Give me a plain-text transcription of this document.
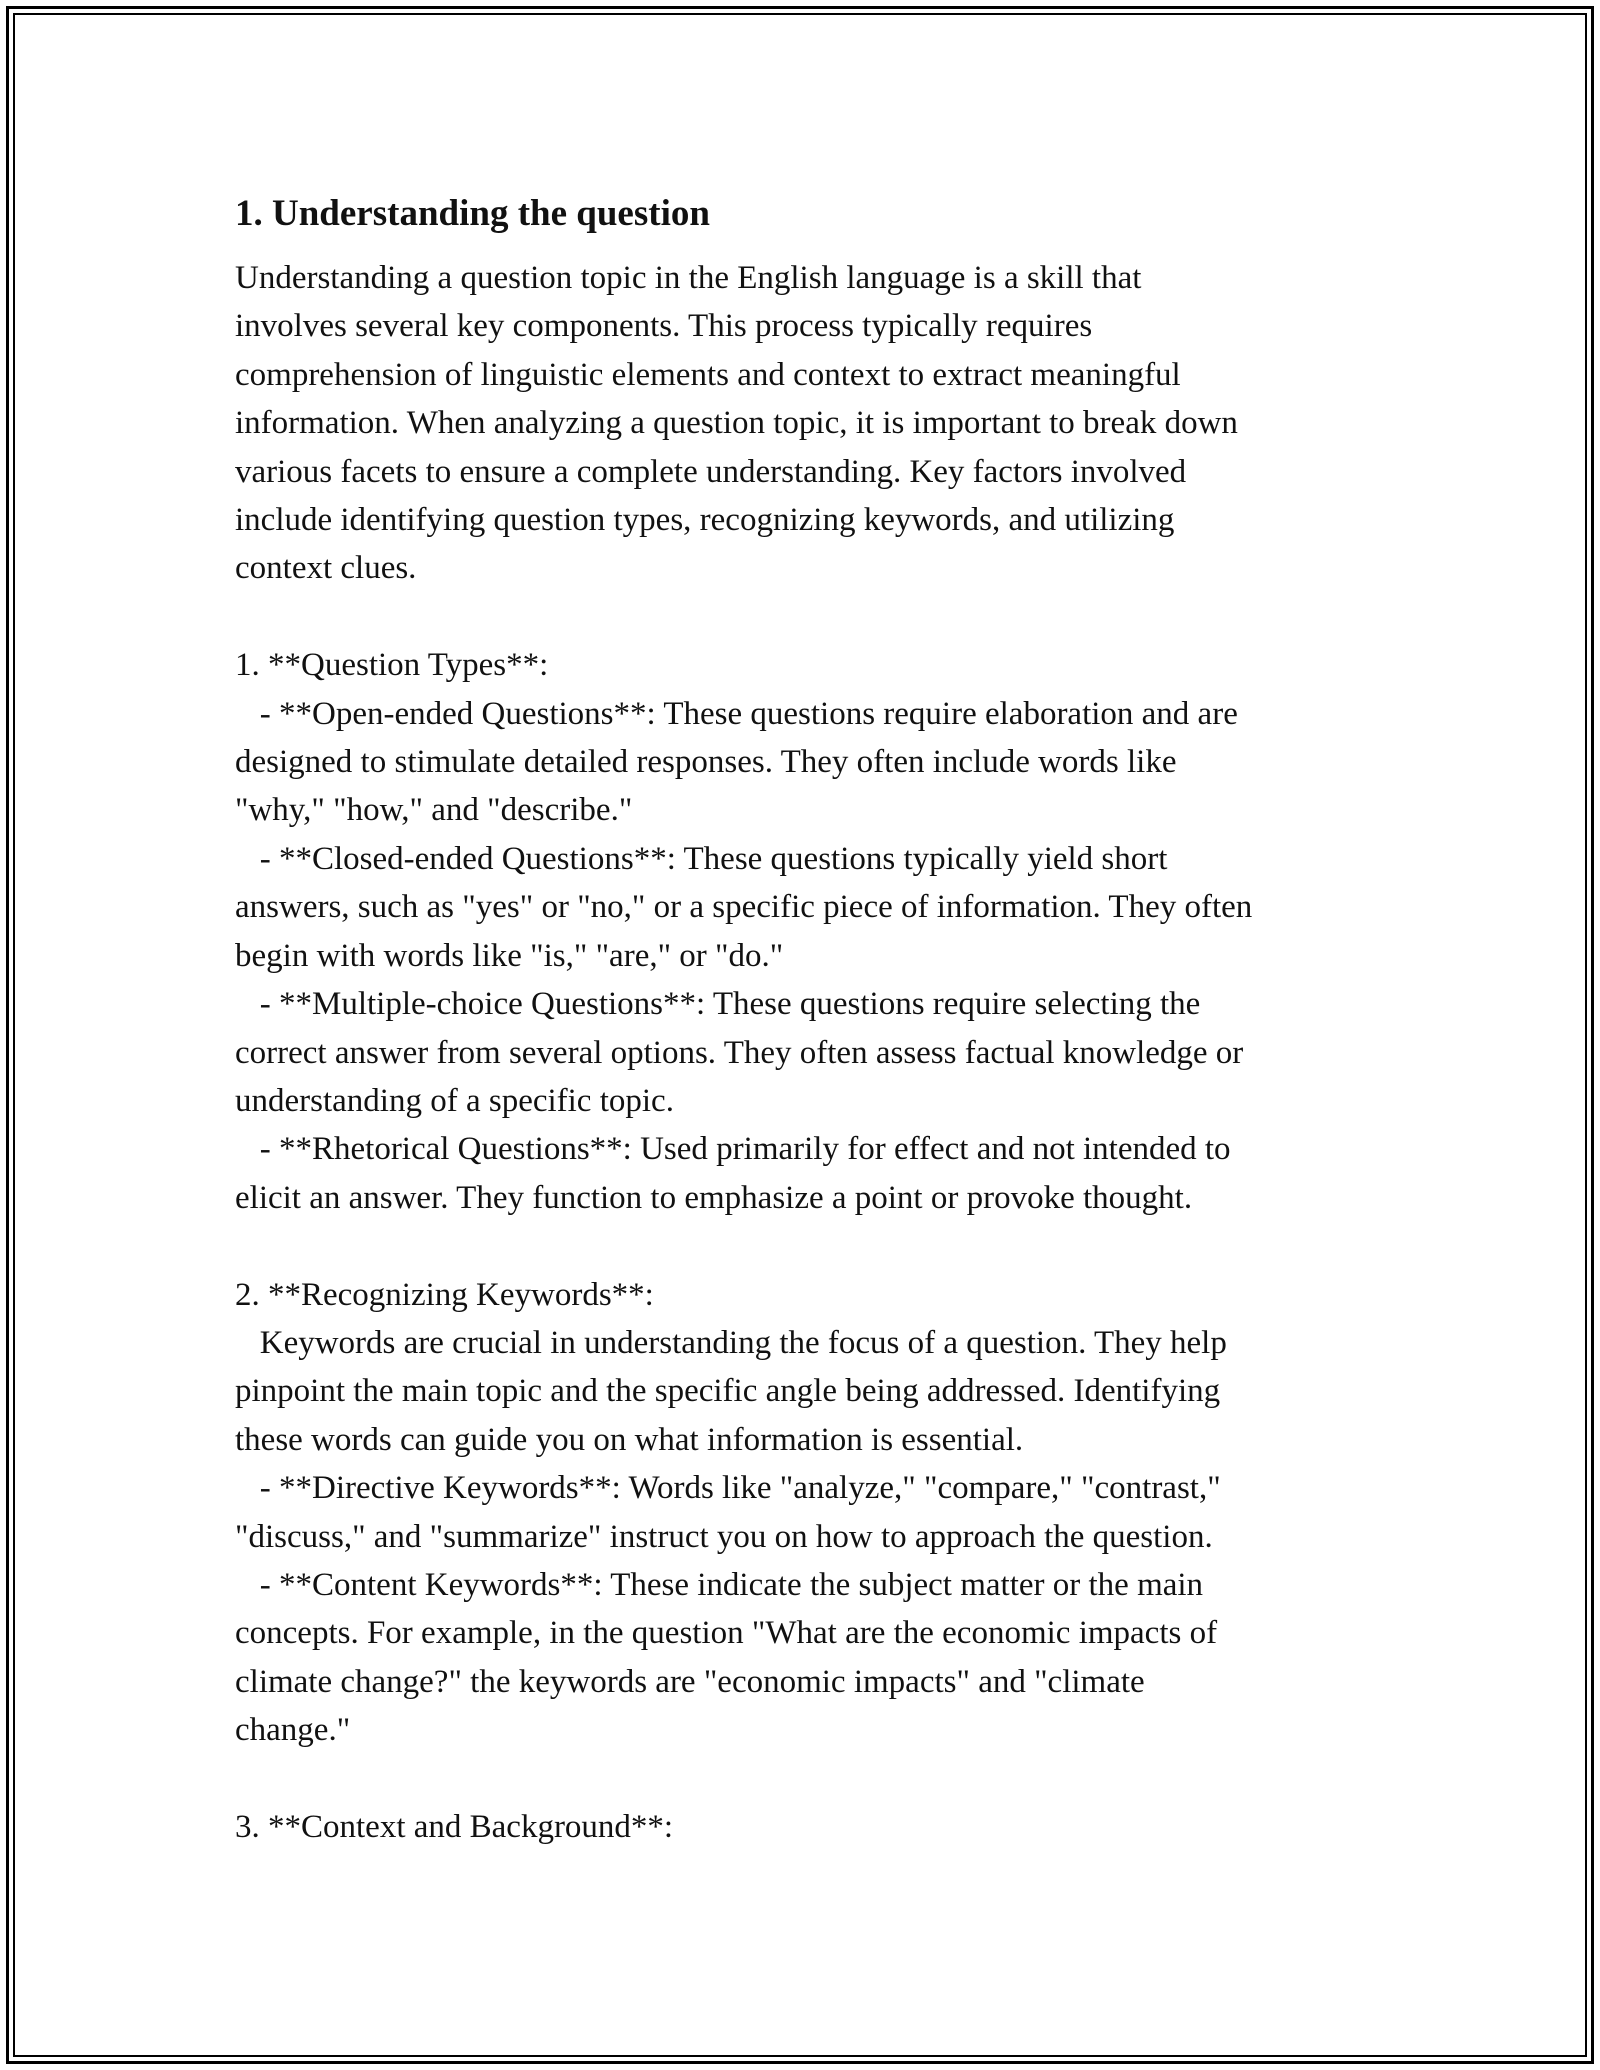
1. Understanding the question

Understanding a question topic in the English language is a skill that
involves several key components. This process typically requires
comprehension of linguistic elements and context to extract meaningful
information. When analyzing a question topic, it is important to break down
various facets to ensure a complete understanding. Key factors involved
include identifying question types, recognizing keywords, and utilizing
context clues.

1. **Question Types**:
- **Open-ended Questions**: These questions require elaboration and are
designed to stimulate detailed responses. They often include words like
"why," "how," and "describe."
- **Closed-ended Questions**: These questions typically yield short
answers, such as "yes" or "no," or a specific piece of information. They often
begin with words like "is," "are," or "do."
- **Multiple-choice Questions**: These questions require selecting the
correct answer from several options. They often assess factual knowledge or
understanding of a specific topic.
- **Rhetorical Questions**: Used primarily for effect and not intended to
elicit an answer. They function to emphasize a point or provoke thought.

2. **Recognizing Keywords**:
Keywords are crucial in understanding the focus of a question. They help
pinpoint the main topic and the specific angle being addressed. Identifying
these words can guide you on what information is essential.
- **Directive Keywords**: Words like "analyze," "compare," "contrast,"
"discuss," and "summarize" instruct you on how to approach the question.
- **Content Keywords**: These indicate the subject matter or the main
concepts. For example, in the question "What are the economic impacts of
climate change?" the keywords are "economic impacts" and "climate
change."

3. **Context and Background**:
